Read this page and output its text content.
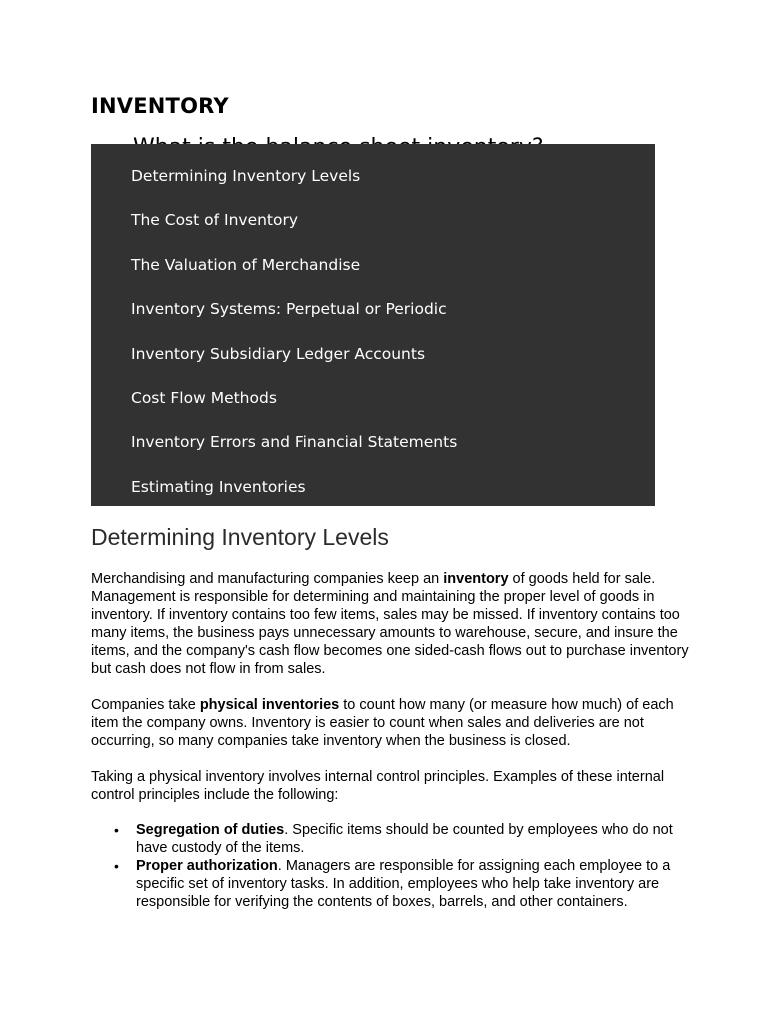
INVENTORY
Determining Inventory Levels
The Cost of Inventory
The Valuation of Merchandise
Inventory Systems: Perpetual or Periodic
Inventory Subsidiary Ledger Accounts
Cost Flow Methods
Inventory Errors and Financial Statements
Estimating Inventories
Determining Inventory Levels

Merchandising and manufacturing companies keep an inventory of goods held for sale. Management is responsible for determining and maintaining the proper level of goods in inventory. If inventory contains too few items, sales may be missed. If inventory contains too many items, the business pays unnecessary amounts to warehouse, secure, and insure the items, and the company's cash flow becomes one sided-cash flows out to purchase inventory but cash does not flow in from sales.

Companies take physical inventories to count how many (or measure how much) of each item the company owns. Inventory is easier to count when sales and deliveries are not occurring, so many companies take inventory when the business is closed.

Taking a physical inventory involves internal control principles. Examples of these internal control principles include the following:

• Segregation of duties. Specific items should be counted by employees who do not have custody of the items.
• Proper authorization. Managers are responsible for assigning each employee to a specific set of inventory tasks. In addition, employees who help take inventory are responsible for verifying the contents of boxes, barrels, and other containers.
